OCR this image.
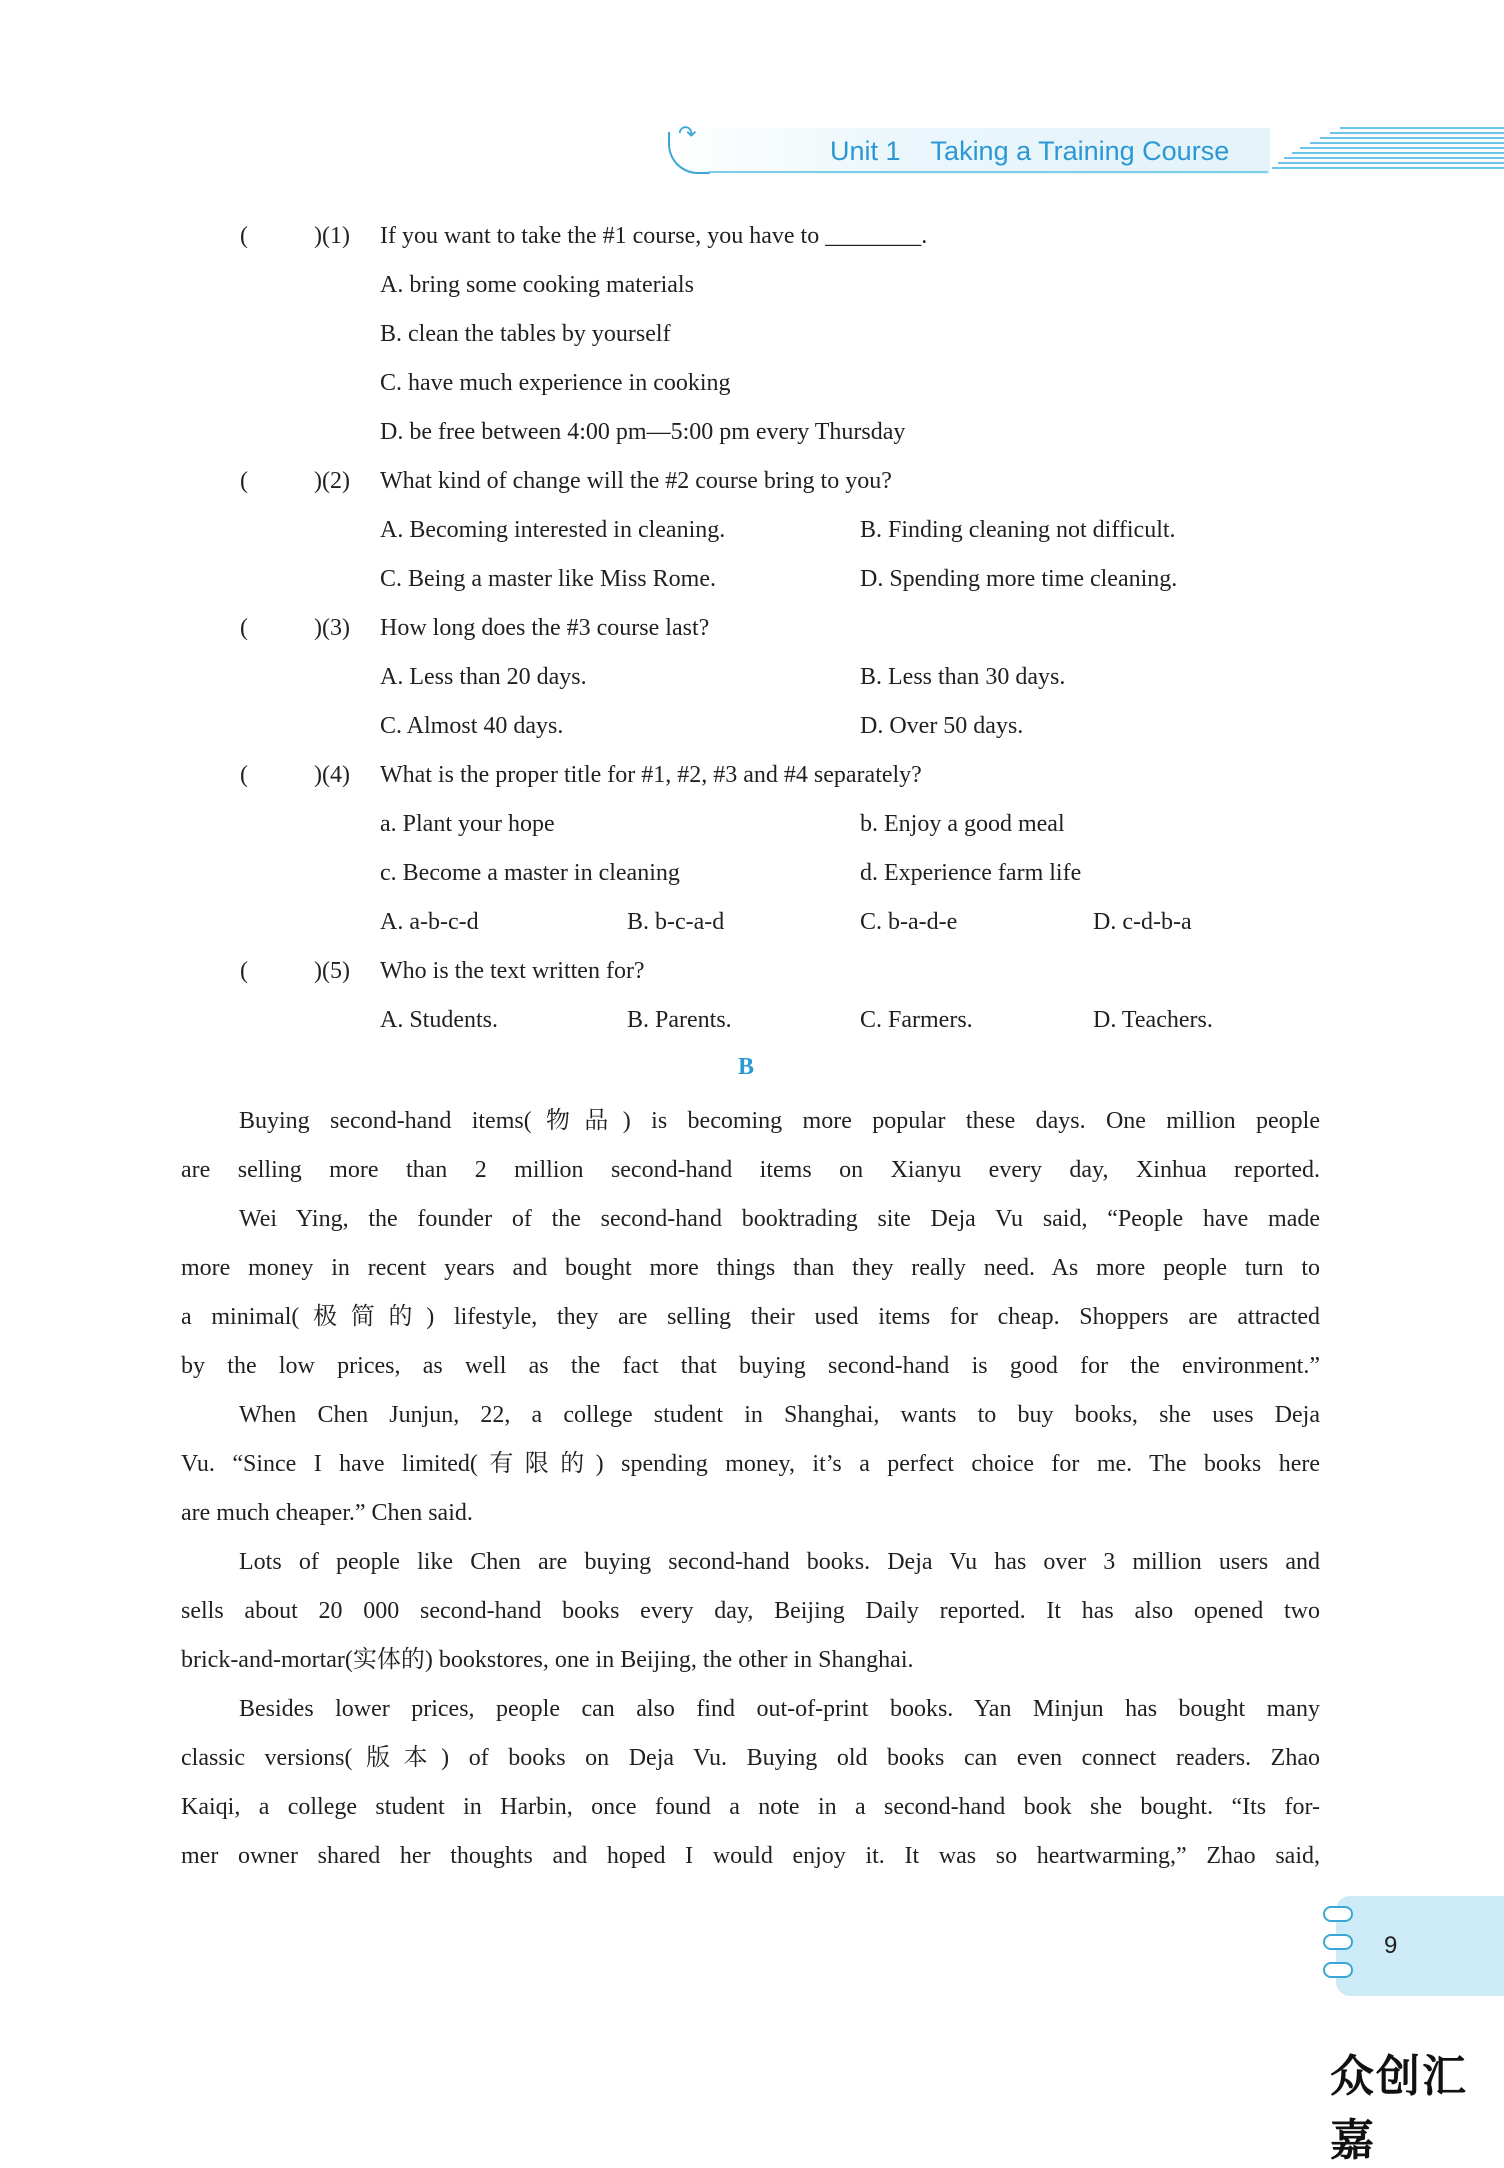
↷
Unit 1 Taking a Training Course
(	)(1) If you want to take the #1 course, you have to ________.
A. bring some cooking materials
B. clean the tables by yourself
C. have much experience in cooking
D. be free between 4:00 pm—5:00 pm every Thursday
(	)(2) What kind of change will the #2 course bring to you?
A. Becoming interested in cleaning.	B. Finding cleaning not difficult.
C. Being a master like Miss Rome.	D. Spending more time cleaning.
(	)(3) How long does the #3 course last?
A. Less than 20 days.	B. Less than 30 days.
C. Almost 40 days.	D. Over 50 days.
(	)(4) What is the proper title for #1, #2, #3 and #4 separately?
a. Plant your hope	b. Enjoy a good meal
c. Become a master in cleaning	d. Experience farm life
A. a-b-c-d	B. b-c-a-d	C. b-a-d-e	D. c-d-b-a
(	)(5) Who is the text written for?
A. Students.	B. Parents.	C. Farmers.	D. Teachers.
B
Buying second-hand items(物品) is becoming more popular these days. One million people
are selling more than 2 million second-hand items on Xianyu every day, Xinhua reported.
Wei Ying, the founder of the second-hand booktrading site Deja Vu said, “People have made
more money in recent years and bought more things than they really need. As more people turn to
a minimal(极简的) lifestyle, they are selling their used items for cheap. Shoppers are attracted
by the low prices, as well as the fact that buying second-hand is good for the environment.”
When Chen Junjun, 22, a college student in Shanghai, wants to buy books, she uses Deja
Vu. “Since I have limited(有限的) spending money, it’s a perfect choice for me. The books here
are much cheaper.” Chen said.
Lots of people like Chen are buying second-hand books. Deja Vu has over 3 million users and
sells about 20 000 second-hand books every day, Beijing Daily reported. It has also opened two
brick-and-mortar(实体的) bookstores, one in Beijing, the other in Shanghai.
Besides lower prices, people can also find out-of-print books. Yan Minjun has bought many
classic versions(版本) of books on Deja Vu. Buying old books can even connect readers. Zhao
Kaiqi, a college student in Harbin, once found a note in a second-hand book she bought. “Its for-
mer owner shared her thoughts and hoped I would enjoy it. It was so heartwarming,” Zhao said,
9
众创汇嘉
